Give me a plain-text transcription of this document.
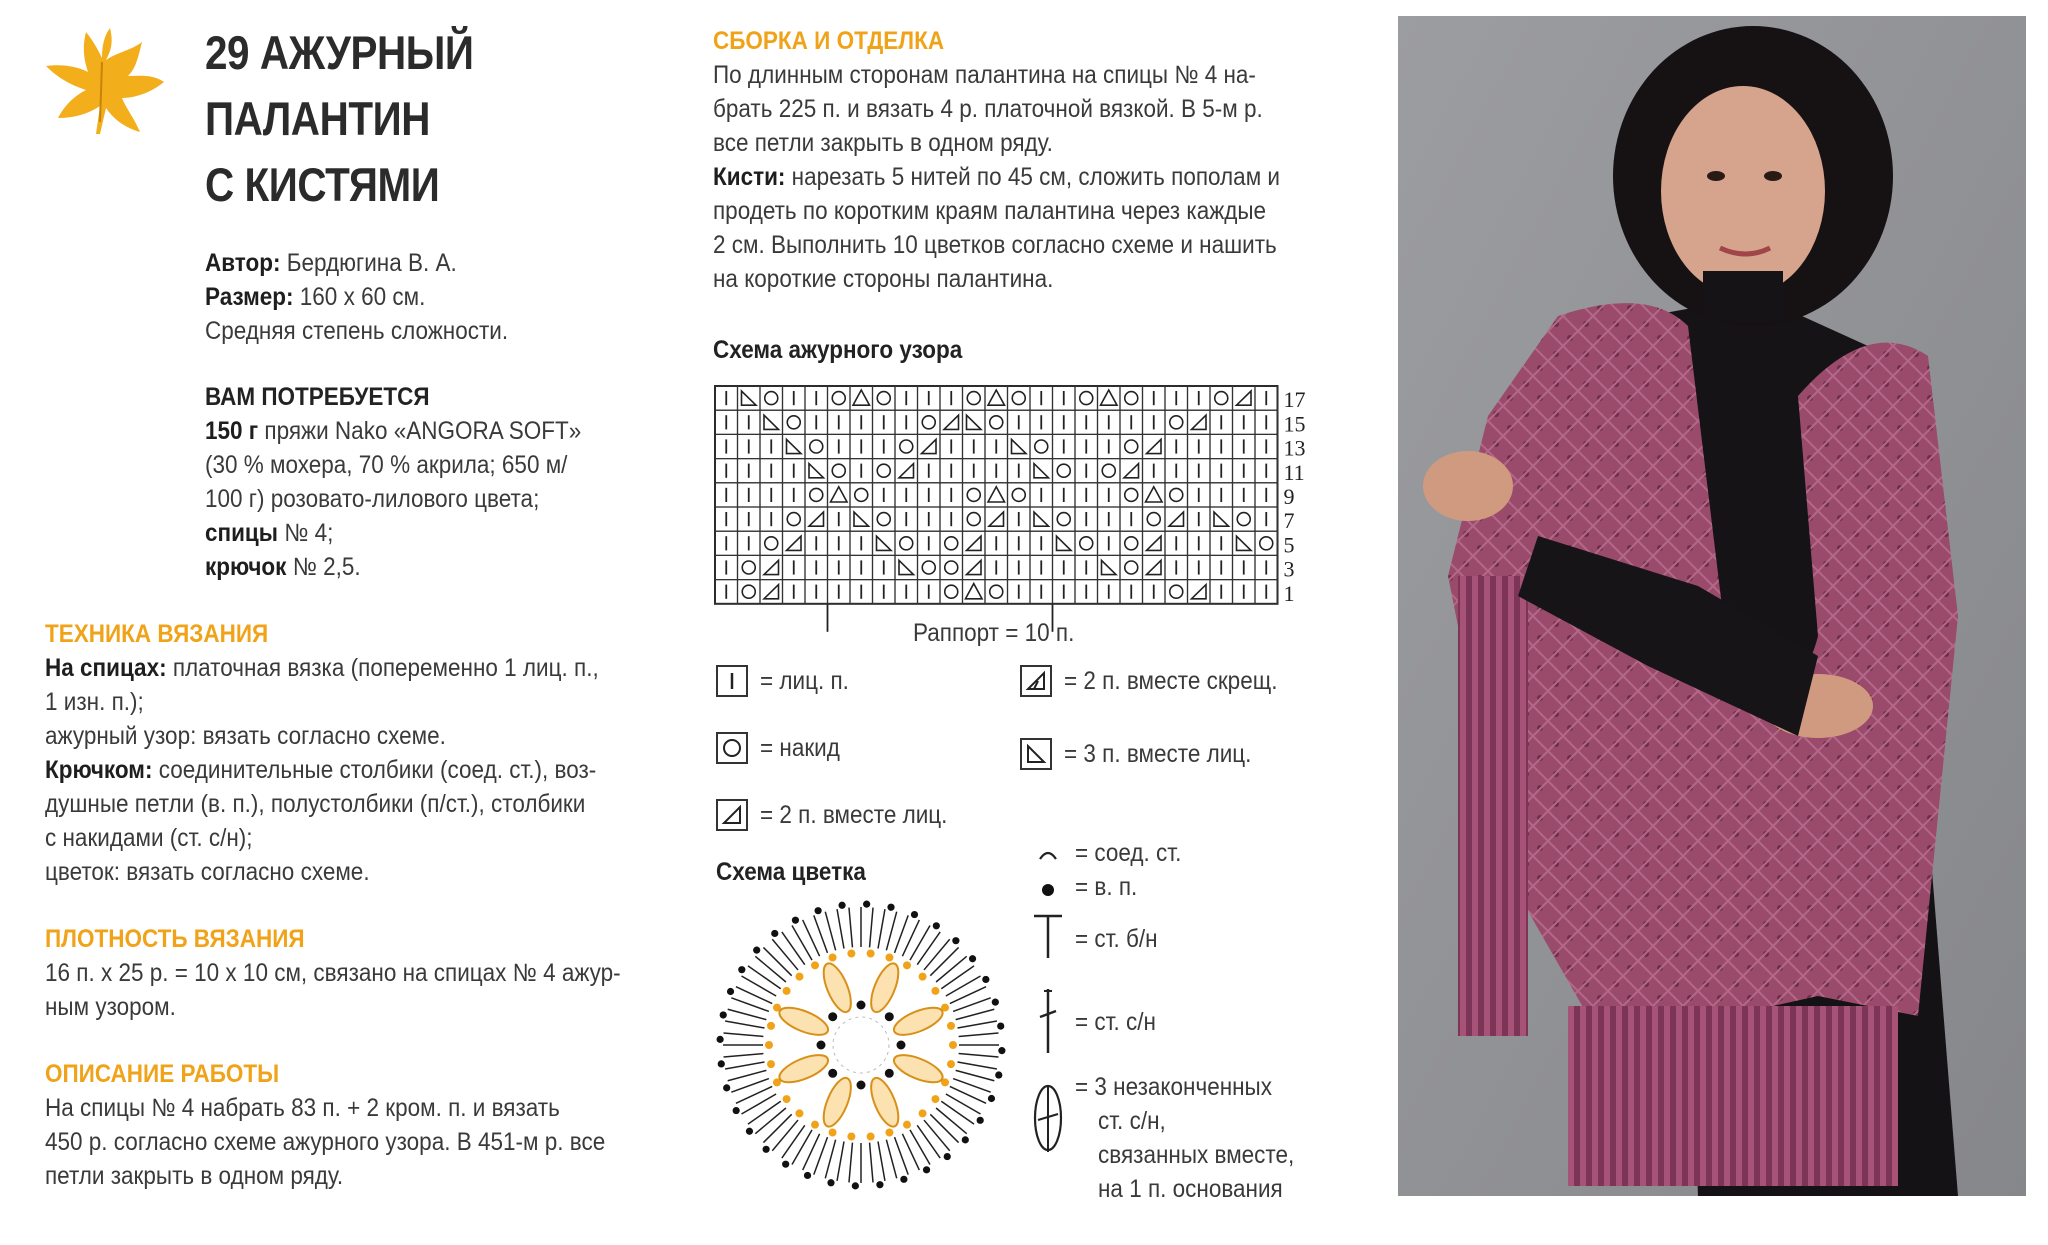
29 АЖУРНЫЙ
ПАЛАНТИН
С КИСТЯМИ
Автор: Бердюгина В. А.
Размер: 160 х 60 см.
Средняя степень сложности.
ВАМ ПОТРЕБУЕТСЯ
150 г пряжи Nako «ANGORA SOFT»
(30 % мохера, 70 % акрила; 650 м/
100 г) розовато-лилового цвета;
спицы № 4;
крючок № 2,5.
ТЕХНИКА ВЯЗАНИЯ
На спицах: платочная вязка (попеременно 1 лиц. п.,
1 изн. п.);
ажурный узор: вязать согласно схеме.
Крючком: соединительные столбики (соед. ст.), воз-
душные петли (в. п.), полустолбики (п/ст.), столбики
с накидами (ст. с/н);
цветок: вязать согласно схеме.
ПЛОТНОСТЬ ВЯЗАНИЯ
16 п. х 25 р. = 10 х 10 см, связано на спицах № 4 ажур-
ным узором.
ОПИСАНИЕ РАБОТЫ
На спицы № 4 набрать 83 п. + 2 кром. п. и вязать
450 р. согласно схеме ажурного узора. В 451-м р. все
петли закрыть в одном ряду.
СБОРКА И ОТДЕЛКА
По длинным сторонам палантина на спицы № 4 на-
брать 225 п. и вязать 4 р. платочной вязкой. В 5-м р.
все петли закрыть в одном ряду.
Кисти: нарезать 5 нитей по 45 см, сложить пополам и
продеть по коротким краям палантина через каждые
2 см. Выполнить 10 цветков согласно схеме и нашить
на короткие стороны палантина.
Схема ажурного узора
17
15
13
11
9
7
5
3
1
Раппорт = 10 п.
= лиц. п.
= накид
= 2 п. вместе лиц.
= 2 п. вместе скрещ.
= 3 п. вместе лиц.
Схема цветка
= соед. ст.
= в. п.
= ст. б/н
= ст. с/н
= 3 незаконченных
ст. с/н,
связанных вместе,
на 1 п. основания
